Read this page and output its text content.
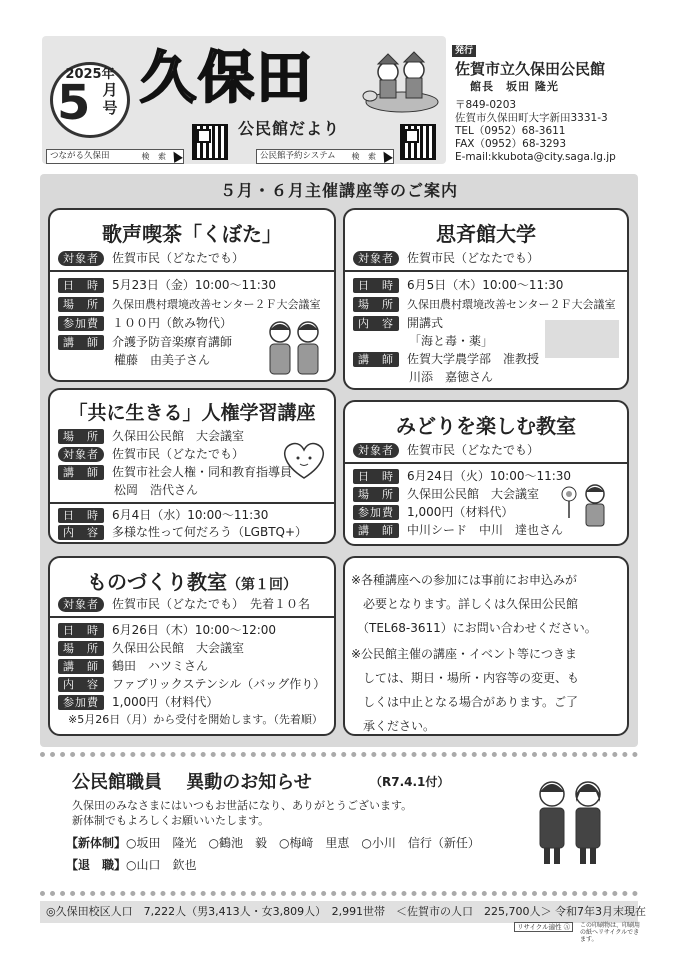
2025年
5 月号 久保田
公民館だより
つながる久保田	検 索	公民館予約システム 検 索
発行
佐賀市立久保田公民館
館長　坂田 隆光
〒849-0203
佐賀市久保田町大字新田3331-3
TEL（0952）68-3611
FAX（0952）68-3293
E-mail:kkubota@city.saga.lg.jp
５月・６月主催講座等のご案内
歌声喫茶「くぼた」
対象者 佐賀市民（どなたでも）
日　時 5月23日（金）10:00～11:30
場　所 久保田農村環境改善センター２Ｆ大会議室
参加費 １００円（飲み物代）
講　師 介護予防音楽療育講師
權藤　由美子さん
思斉館大学
対象者 佐賀市民（どなたでも）
日　時 6月5日（木）10:00～11:30
場　所 久保田農村環境改善センター２Ｆ大会議室
内　容 開講式
「海と毒・薬」
講　師 佐賀大学農学部　准教授
川添　嘉徳さん
「共に生きる」人権学習講座
場　所 久保田公民館　大会議室
対象者 佐賀市民（どなたでも）
講　師 佐賀市社会人権・同和教育指導員
松岡　浩代さん
日　時 6月4日（水）10:00～11:30
内　容 多様な性って何だろう（LGBTQ+）
みどりを楽しむ教室
対象者 佐賀市民（どなたでも）
日　時 6月24日（火）10:00～11:30
場　所 久保田公民館　大会議室
参加費 1,000円（材料代）
講　師 中川シード　中川　達也さん
ものづくり教室（第１回）
対象者 佐賀市民（どなたでも）　先着１０名
日　時 6月26日（木）10:00～12:00
場　所 久保田公民館　大会議室
講　師 鶴田　ハツミさん
内　容 ファブリックステンシル（バッグ作り）
参加費 1,000円（材料代）
※5月26日（月）から受付を開始します。（先着順）
※各種講座への参加には事前にお申込みが
　必要となります。詳しくは久保田公民館
　（TEL68-3611）にお問い合わせください。
※公民館主催の講座・イベント等につきま
　しては、期日・場所・内容等の変更、も
　しくは中止となる場合があります。ご了
　承ください。
公民館職員　 異動のお知らせ	（R7.4.1付）
久保田のみなさまにはいつもお世話になり、ありがとうございます。
新体制でもよろしくお願いいたします。
【新体制】○坂田　隆光　○鶴池　毅　○梅﨑　里恵　○小川　信行（新任）
【退　職】○山口　欽也
◎久保田校区人口　7,222人（男3,413人・女3,809人）　2,991世帯　＜佐賀市の人口　225,700人＞ 令和7年3月末現在
リサイクル適性 Ⓐ	この印刷物は、印刷用の紙へリサイクルできます。
